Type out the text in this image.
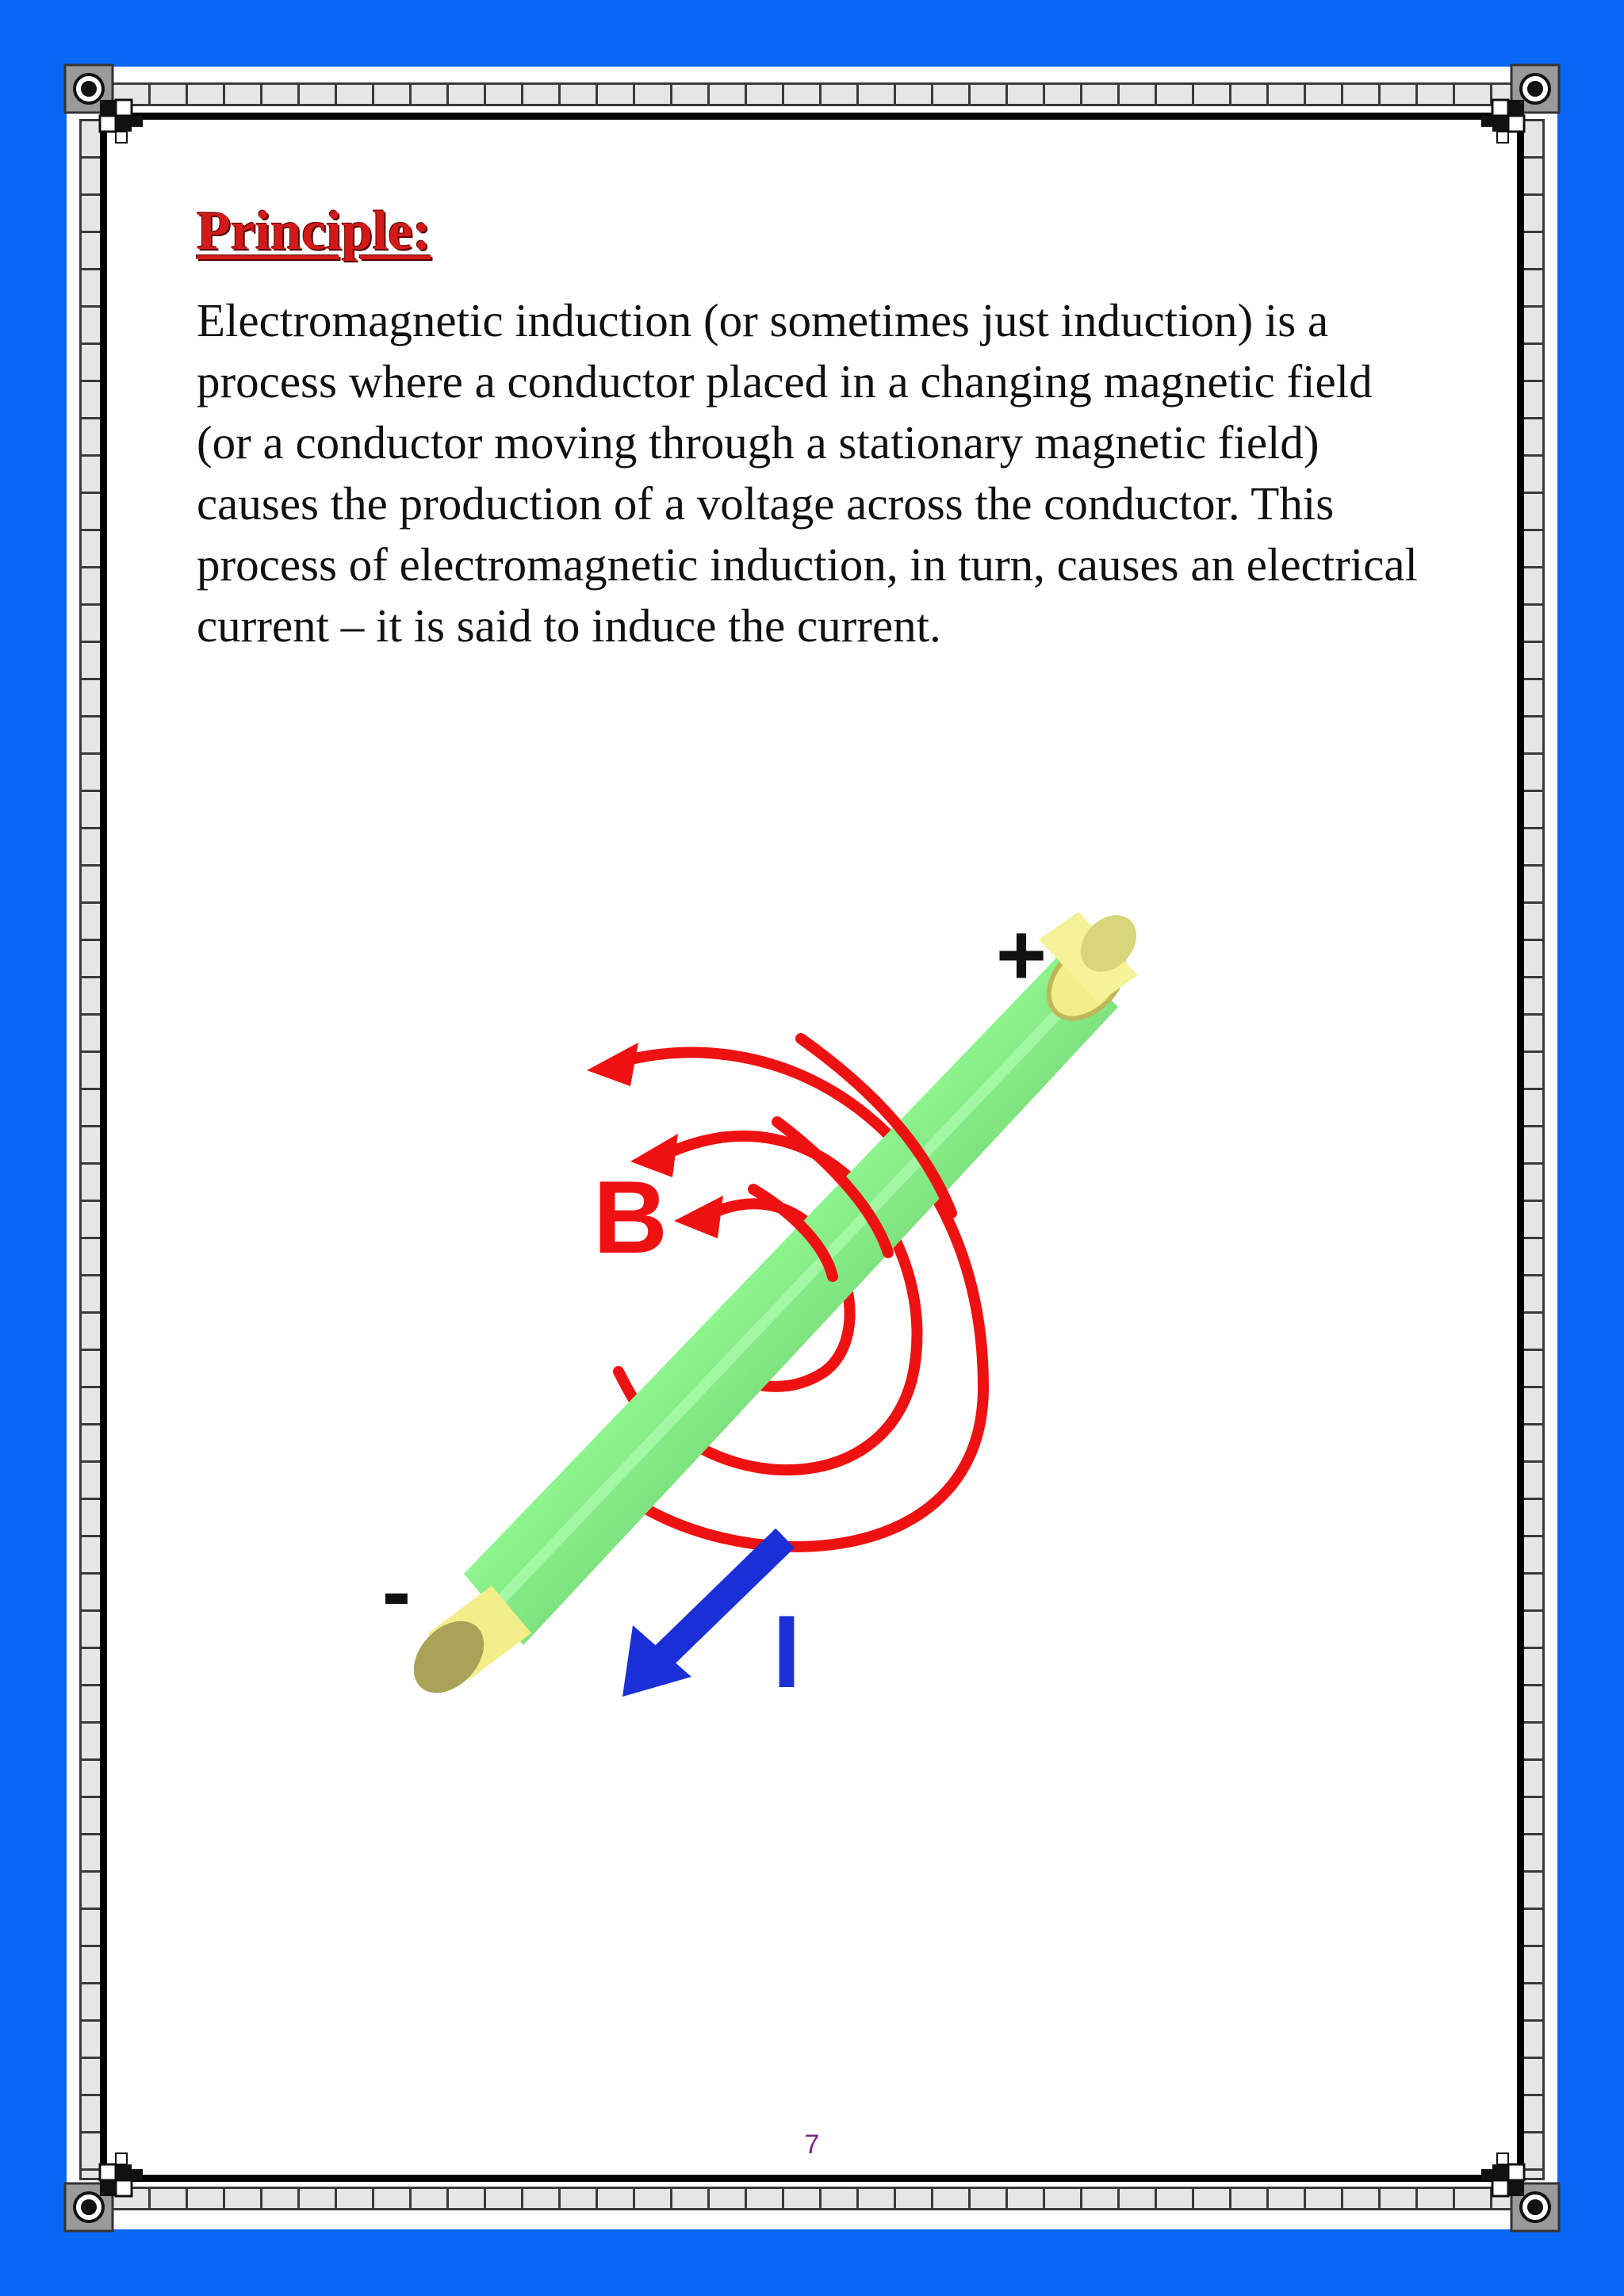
Principle:

Electromagnetic induction (or sometimes just induction) is a process where a conductor placed in a changing magnetic field (or a conductor moving through a stationary magnetic field) causes the production of a voltage across the conductor. This process of electromagnetic induction, in turn, causes an electrical current – it is said to induce the current.

+
-
B
I
7
